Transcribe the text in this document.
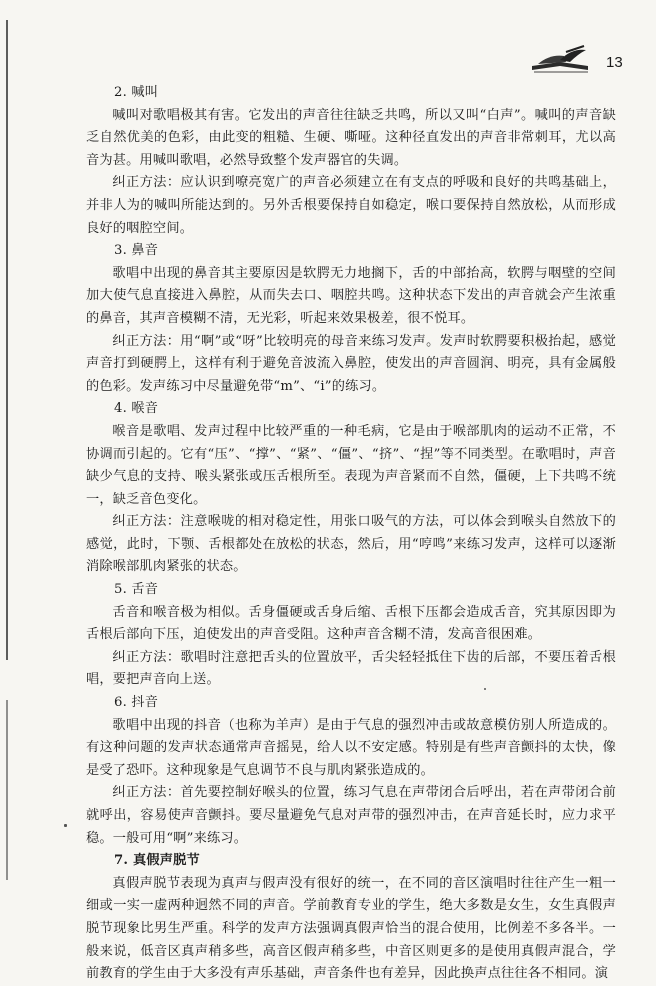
13
2. 喊叫

喊叫对歌唱极其有害。它发出的声音往往缺乏共鸣，所以又叫“白声”。喊叫的声音缺乏自然优美的色彩，由此变的粗糙、生硬、嘶哑。这种径直发出的声音非常刺耳，尤以高音为甚。用喊叫歌唱，必然导致整个发声器官的失调。

纠正方法：应认识到嘹亮宽广的声音必须建立在有支点的呼吸和良好的共鸣基础上，并非人为的喊叫所能达到的。另外舌根要保持自如稳定，喉口要保持自然放松，从而形成良好的咽腔空间。

3. 鼻音

歌唱中出现的鼻音其主要原因是软腭无力地搁下，舌的中部抬高，软腭与咽壁的空间加大使气息直接进入鼻腔，从而失去口、咽腔共鸣。这种状态下发出的声音就会产生浓重的鼻音，其声音模糊不清，无光彩，听起来效果极差，很不悦耳。

纠正方法：用“啊”或“呀”比较明亮的母音来练习发声。发声时软腭要积极抬起，感觉声音打到硬腭上，这样有利于避免音波流入鼻腔，使发出的声音圆润、明亮，具有金属般的色彩。发声练习中尽量避免带“m”、“i”的练习。

4. 喉音

喉音是歌唱、发声过程中比较严重的一种毛病，它是由于喉部肌肉的运动不正常，不协调而引起的。它有“压”、“撑”、“紧”、“僵”、“挤”、“捏”等不同类型。在歌唱时，声音缺少气息的支持、喉头紧张或压舌根所至。表现为声音紧而不自然，僵硬，上下共鸣不统一，缺乏音色变化。

纠正方法：注意喉咙的相对稳定性，用张口吸气的方法，可以体会到喉头自然放下的感觉，此时，下颚、舌根都处在放松的状态，然后，用“哼鸣”来练习发声，这样可以逐渐消除喉部肌肉紧张的状态。

5. 舌音

舌音和喉音极为相似。舌身僵硬或舌身后缩、舌根下压都会造成舌音，究其原因即为舌根后部向下压，迫使发出的声音受阻。这种声音含糊不清，发高音很困难。

纠正方法：歌唱时注意把舌头的位置放平，舌尖轻轻抵住下齿的后部，不要压着舌根唱，要把声音向上送。

6. 抖音

歌唱中出现的抖音（也称为羊声）是由于气息的强烈冲击或故意模仿别人所造成的。有这种问题的发声状态通常声音摇晃，给人以不安定感。特别是有些声音颤抖的太快，像是受了恐吓。这种现象是气息调节不良与肌肉紧张造成的。

纠正方法：首先要控制好喉头的位置，练习气息在声带闭合后呼出，若在声带闭合前就呼出，容易使声音颤抖。要尽量避免气息对声带的强烈冲击，在声音延长时，应力求平稳。一般可用“啊”来练习。

7. 真假声脱节

真假声脱节表现为真声与假声没有很好的统一，在不同的音区演唱时往往产生一粗一细或一实一虚两种迥然不同的声音。学前教育专业的学生，绝大多数是女生，女生真假声脱节现象比男生严重。科学的发声方法强调真假声恰当的混合使用，比例差不多各半。一般来说，低音区真声稍多些，高音区假声稍多些，中音区则更多的是使用真假声混合，学前教育的学生由于大多没有声乐基础，声音条件也有差异，因此换声点往往各不相同。演
